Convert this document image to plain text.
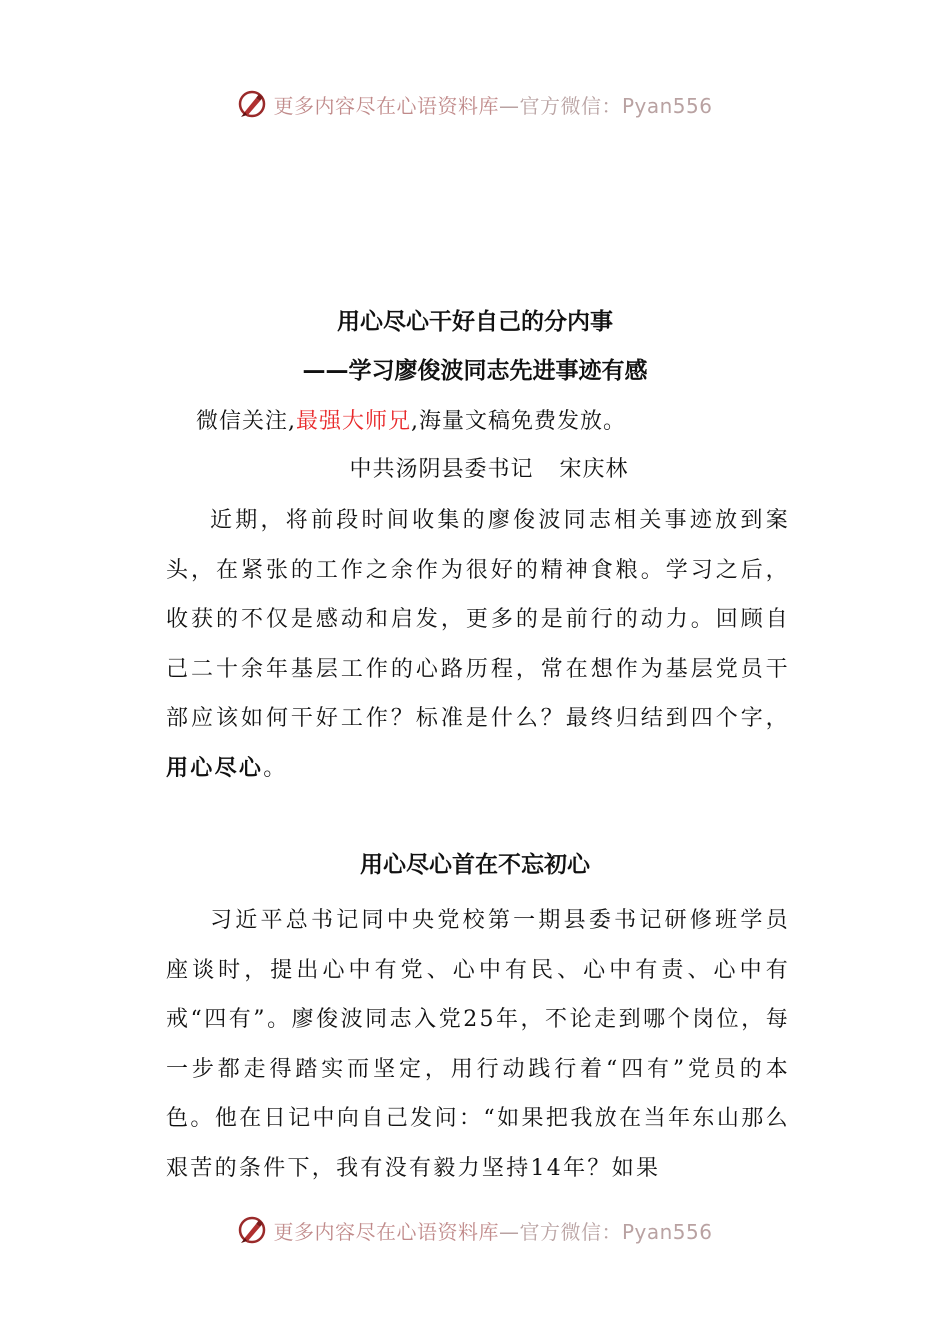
更多内容尽在心语资料库—官方微信：Pyan556
用心尽心干好自己的分内事
——学习廖俊波同志先进事迹有感
微信关注,最强大师兄,海量文稿免费发放。
中共汤阴县委书记 宋庆林
近期，将前段时间收集的廖俊波同志相关事迹放到案头，在紧张的工作之余作为很好的精神食粮。学习之后，收获的不仅是感动和启发，更多的是前行的动力。回顾自己二十余年基层工作的心路历程，常在想作为基层党员干部应该如何干好工作？标准是什么？最终归结到四个字，用心尽心。
用心尽心首在不忘初心
习近平总书记同中央党校第一期县委书记研修班学员座谈时，提出心中有党、心中有民、心中有责、心中有戒“四有”。廖俊波同志入党25年，不论走到哪个岗位，每一步都走得踏实而坚定，用行动践行着“四有”党员的本色。他在日记中向自己发问：“如果把我放在当年东山那么艰苦的条件下，我有没有毅力坚持14年？如果
更多内容尽在心语资料库—官方微信：Pyan556
